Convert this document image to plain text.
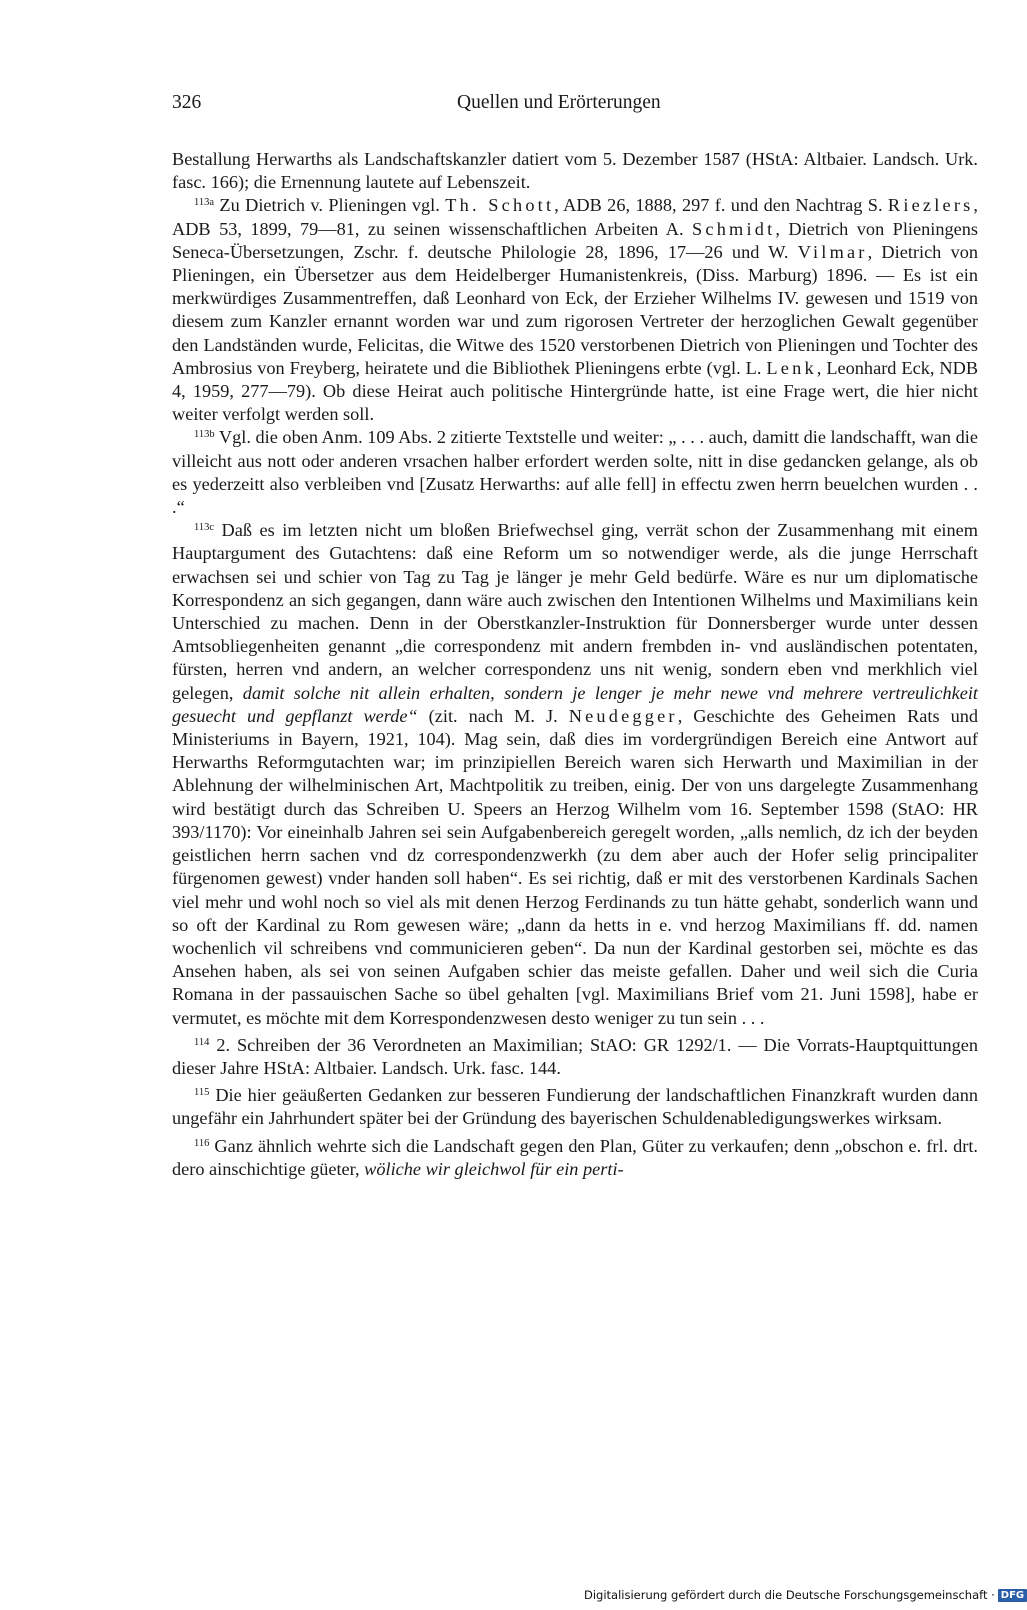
326	Quellen und Erörterungen

Bestallung Herwarths als Landschaftskanzler datiert vom 5. Dezember 1587 (HStA: Altbaier. Landsch. Urk. fasc. 166); die Ernennung lautete auf Lebenszeit.

$^{113a}$ Zu Dietrich v. Plieningen vgl. Th. Schott, ADB 26, 1888, 297 f. und den Nachtrag S. Riezlers, ADB 53, 1899, 79—81, zu seinen wissenschaftlichen Arbeiten A. Schmidt, Dietrich von Plieningens Seneca-Übersetzungen, Zschr. f. deutsche Philologie 28, 1896, 17—26 und W. Vilmar, Dietrich von Plieningen, ein Übersetzer aus dem Heidelberger Humanistenkreis, (Diss. Marburg) 1896. — Es ist ein merkwürdiges Zusammentreffen, daß Leonhard von Eck, der Erzieher Wilhelms IV. gewesen und 1519 von diesem zum Kanzler ernannt worden war und zum rigorosen Vertreter der herzoglichen Gewalt gegenüber den Landständen wurde, Felicitas, die Witwe des 1520 verstorbenen Dietrich von Plieningen und Tochter des Ambrosius von Freyberg, heiratete und die Bibliothek Plieningens erbte (vgl. L. Lenk, Leonhard Eck, NDB 4, 1959, 277—79). Ob diese Heirat auch politische Hintergründe hatte, ist eine Frage wert, die hier nicht weiter verfolgt werden soll.

$^{113b}$ Vgl. die oben Anm. 109 Abs. 2 zitierte Textstelle und weiter: „ . . . auch, damitt die landschafft, wan die villeicht aus nott oder anderen vrsachen halber erfordert werden solte, nitt in dise gedancken gelange, als ob es yederzeitt also verbleiben vnd [Zusatz Herwarths: auf alle fell] in effectu zwen herrn beuelchen wurden . . .“

$^{113c}$ Daß es im letzten nicht um bloßen Briefwechsel ging, verrät schon der Zusammenhang mit einem Hauptargument des Gutachtens: daß eine Reform um so notwendiger werde, als die junge Herrschaft erwachsen sei und schier von Tag zu Tag je länger je mehr Geld bedürfe. Wäre es nur um diplomatische Korrespondenz an sich gegangen, dann wäre auch zwischen den Intentionen Wilhelms und Maximilians kein Unterschied zu machen. Denn in der Oberstkanzler-Instruktion für Donnersberger wurde unter dessen Amtsobliegenheiten genannt „die correspondenz mit andern frembden in- vnd ausländischen potentaten, fürsten, herren vnd andern, an welcher correspondenz uns nit wenig, sondern eben vnd merkhlich viel gelegen, damit solche nit allein erhalten, sondern je lenger je mehr newe vnd mehrere vertreulichkeit gesuecht und gepflanzt werde“ (zit. nach M. J. Neudegger, Geschichte des Geheimen Rats und Ministeriums in Bayern, 1921, 104). Mag sein, daß dies im vordergründigen Bereich eine Antwort auf Herwarths Reformgutachten war; im prinzipiellen Bereich waren sich Herwarth und Maximilian in der Ablehnung der wilhelminischen Art, Machtpolitik zu treiben, einig. Der von uns dargelegte Zusammenhang wird bestätigt durch das Schreiben U. Speers an Herzog Wilhelm vom 16. September 1598 (StAO: HR 393/1170): Vor eineinhalb Jahren sei sein Aufgabenbereich geregelt worden, „alls nemlich, dz ich der beyden geistlichen herrn sachen vnd dz correspondenzwerkh (zu dem aber auch der Hofer selig principaliter fürgenomen gewest) vnder handen soll haben“. Es sei richtig, daß er mit des verstorbenen Kardinals Sachen viel mehr und wohl noch so viel als mit denen Herzog Ferdinands zu tun hätte gehabt, sonderlich wann und so oft der Kardinal zu Rom gewesen wäre; „dann da hetts in e. vnd herzog Maximilians ff. dd. namen wochenlich vil schreibens vnd communicieren geben“. Da nun der Kardinal gestorben sei, möchte es das Ansehen haben, als sei von seinen Aufgaben schier das meiste gefallen. Daher und weil sich die Curia Romana in der passauischen Sache so übel gehalten [vgl. Maximilians Brief vom 21. Juni 1598], habe er vermutet, es möchte mit dem Korrespondenzwesen desto weniger zu tun sein . . .

$^{114}$ 2. Schreiben der 36 Verordneten an Maximilian; StAO: GR 1292/1. — Die Vorrats-Hauptquittungen dieser Jahre HStA: Altbaier. Landsch. Urk. fasc. 144.

$^{115}$ Die hier geäußerten Gedanken zur besseren Fundierung der landschaftlichen Finanzkraft wurden dann ungefähr ein Jahrhundert später bei der Gründung des bayerischen Schuldenabledigungswerkes wirksam.

$^{116}$ Ganz ähnlich wehrte sich die Landschaft gegen den Plan, Güter zu verkaufen; denn „obschon e. frl. drt. dero ainschichtige güeter, wöliche wir gleichwol für ein perti-

Digitalisierung gefördert durch die Deutsche Forschungsgemeinschaft · DFG
